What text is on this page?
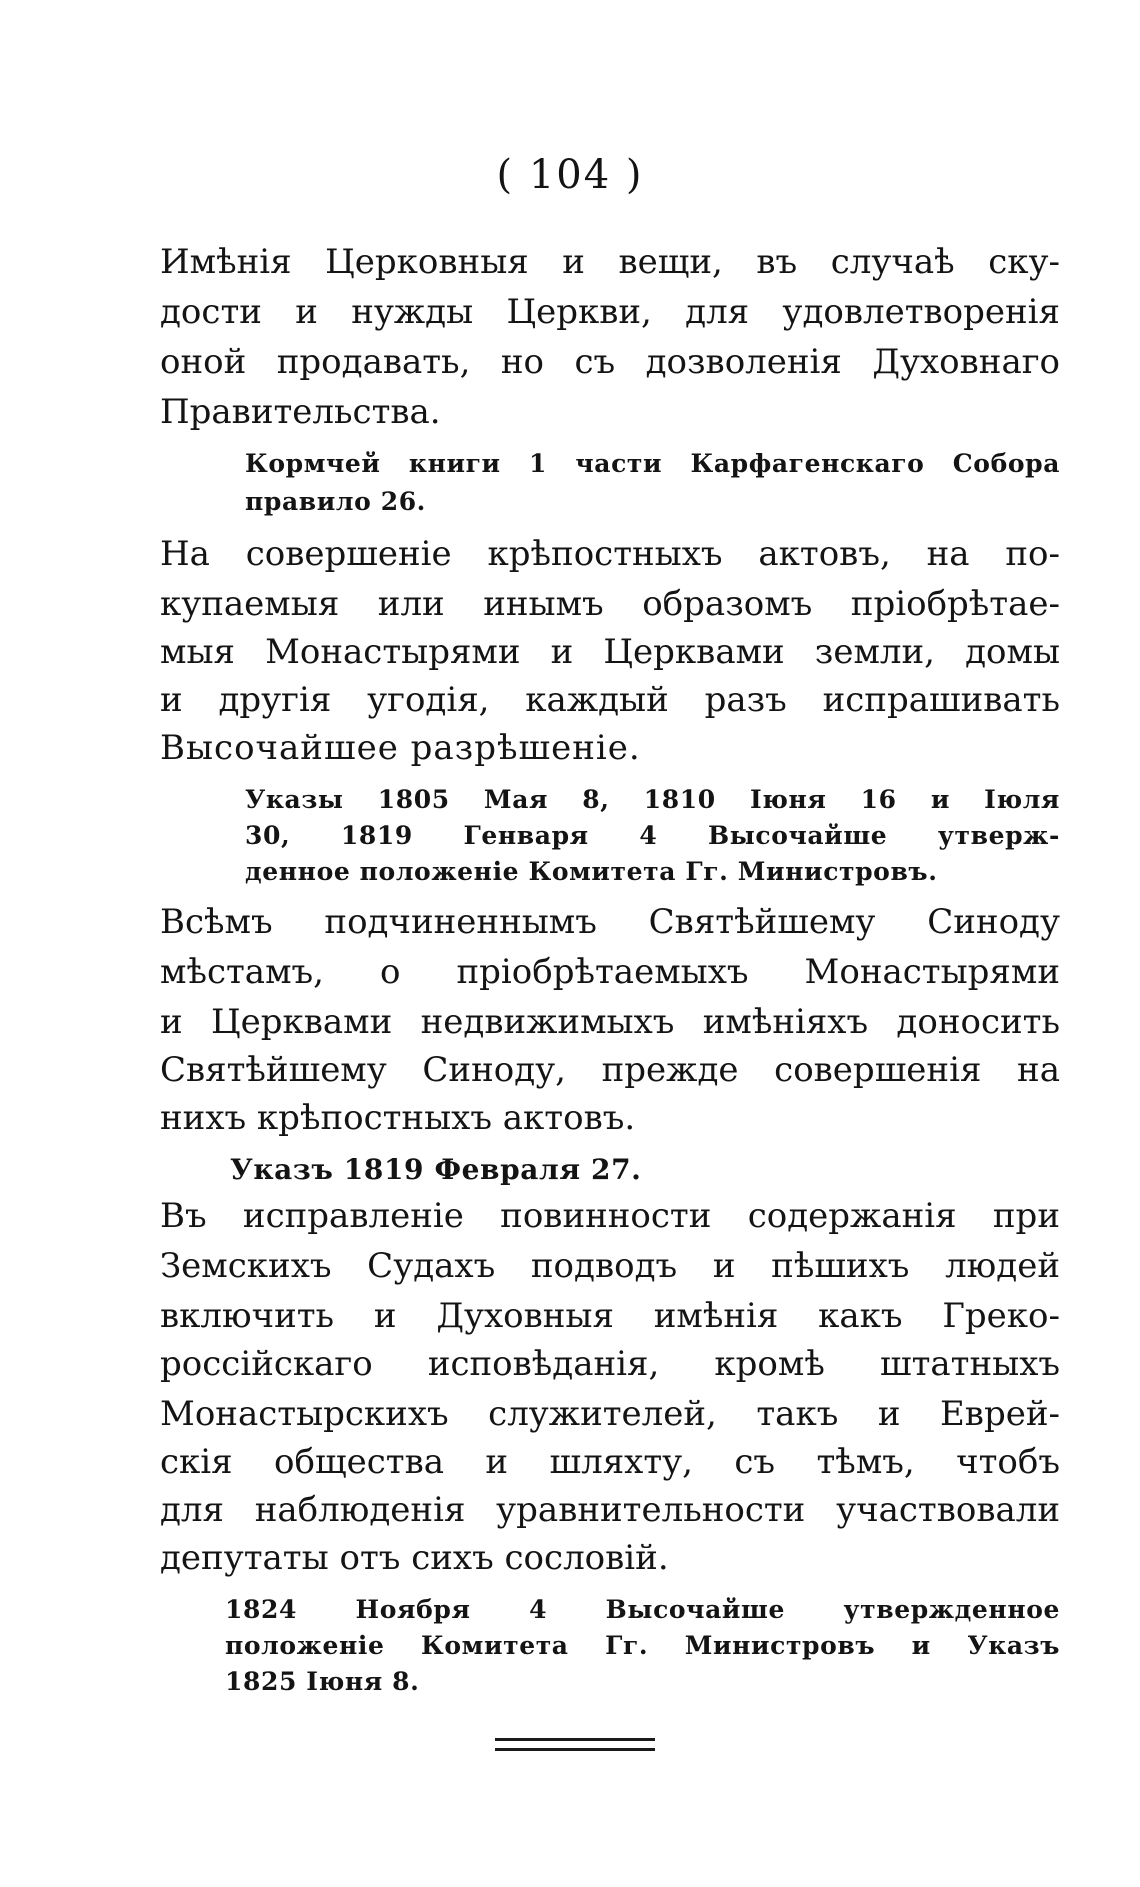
( 104 )
Имѣнія Церковныя и вещи, въ случаѣ ску-
дости и нужды Церкви, для удовлетворенія
оной продавать, но съ дозволенія Духовнаго
Правительства.
Кормчей книги 1 части Карфагенскаго Собора
правило 26.
На совершеніе крѣпостныхъ актовъ, на по-
купаемыя или инымъ образомъ пріобрѣтае-
мыя Монастырями и Церквами земли, домы
и другія угодія, каждый разъ испрашивать
Высочайшее разрѣшеніе.
Указы 1805 Мая 8, 1810 Іюня 16 и Іюля
30, 1819 Генваря 4 Высочайше утверж-
денное положеніе Комитета Гг. Министровъ.
Всѣмъ подчиненнымъ Святѣйшему Синоду
мѣстамъ, о пріобрѣтаемыхъ Монастырями
и Церквами недвижимыхъ имѣніяхъ доносить
Святѣйшему Синоду, прежде совершенія на
нихъ крѣпостныхъ актовъ.
Указъ 1819 Февраля 27.
Въ исправленіе повинности содержанія при
Земскихъ Судахъ подводъ и пѣшихъ людей
включить и Духовныя имѣнія какъ Греко-
россійскаго исповѣданія, кромѣ штатныхъ
Монастырскихъ служителей, такъ и Еврей-
скія общества и шляхту, съ тѣмъ, чтобъ
для наблюденія уравнительности участвовали
депутаты отъ сихъ сословій.
1824 Ноября 4 Высочайше утвержденное
положеніе Комитета Гг. Министровъ и Указъ
1825 Іюня 8.
